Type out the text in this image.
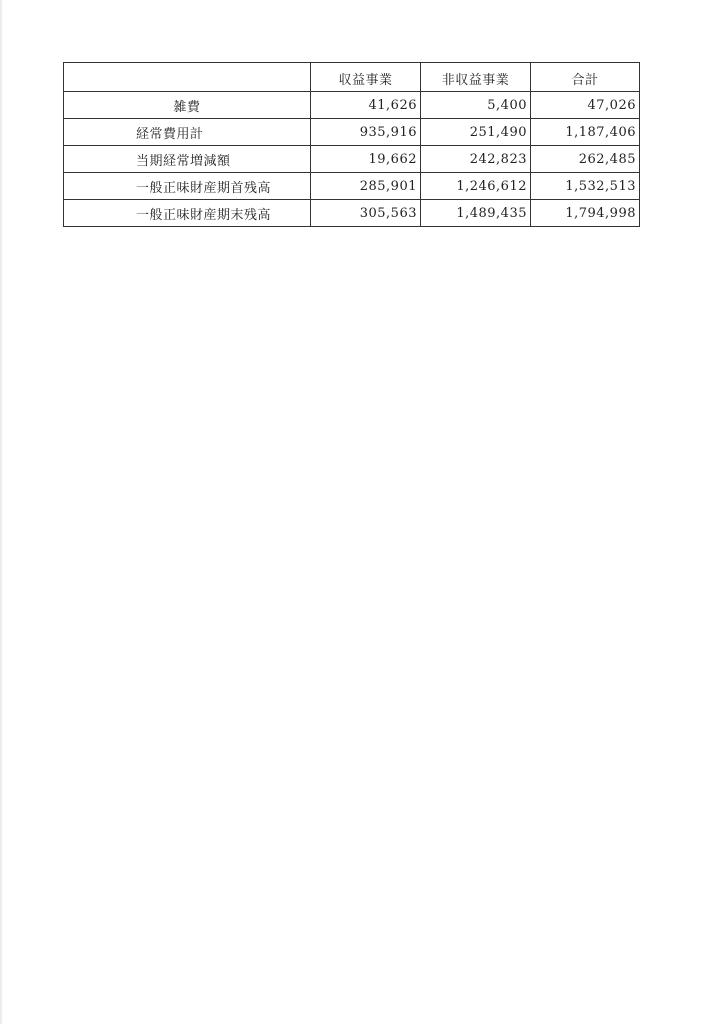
	収益事業	非収益事業	合計
雑費	41,626	5,400	47,026
経常費用計	935,916	251,490	1,187,406
当期経常増減額	19,662	242,823	262,485
一般正味財産期首残高	285,901	1,246,612	1,532,513
一般正味財産期末残高	305,563	1,489,435	1,794,998
